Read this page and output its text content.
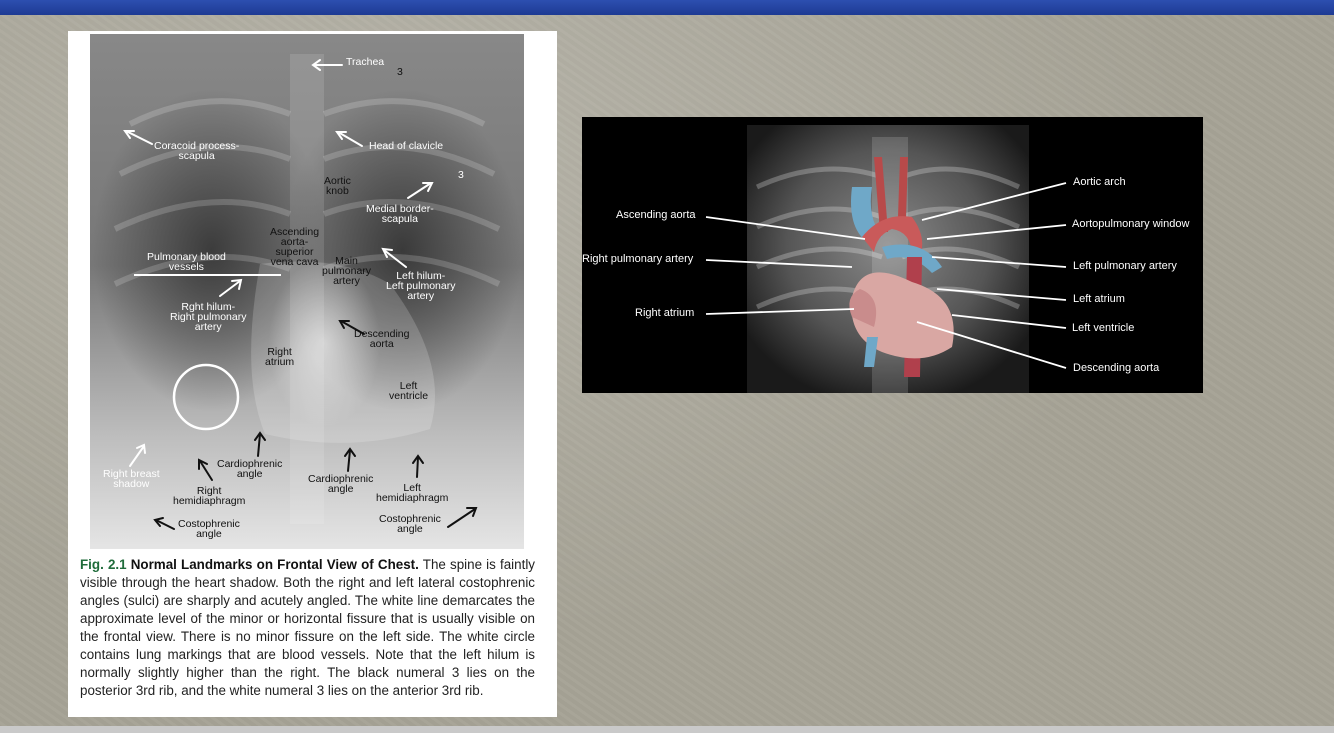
Trachea
3
3
Coracoid process-
scapula
Head of clavicle
Aortic
knob
Medial border-
scapula
Ascending
aorta-
superior
vena cava
Pulmonary blood
vessels	Main
pulmonary
artery	Left hilum-
Left pulmonary
artery
Rght hilum-
Right pulmonary
artery
Descending
aorta
Right
atrium
Left
ventricle
Right breast
shadow
Cardiophrenic
angle
Right
hemidiaphragm
Cardiophrenic
angle	Left
hemidiaphragm
Costophrenic
angle
Costophrenic
angle
Fig. 2.1 Normal Landmarks on Frontal View of Chest. The spine is faintly visible through the heart shadow. Both the right and left lateral costophrenic angles (sulci) are sharply and acutely angled. The white line demarcates the approximate level of the minor or horizontal fissure that is usually visible on the frontal view. There is no minor fissure on the left side. The white circle contains lung markings that are blood vessels. Note that the left hilum is normally slightly higher than the right. The black numeral 3 lies on the posterior 3rd rib, and the white numeral 3 lies on the anterior 3rd rib.
Ascending aorta
Right pulmonary artery
Right atrium
Aortic arch
Aortopulmonary window
Left pulmonary artery
Left atrium
Left ventricle
Descending aorta
